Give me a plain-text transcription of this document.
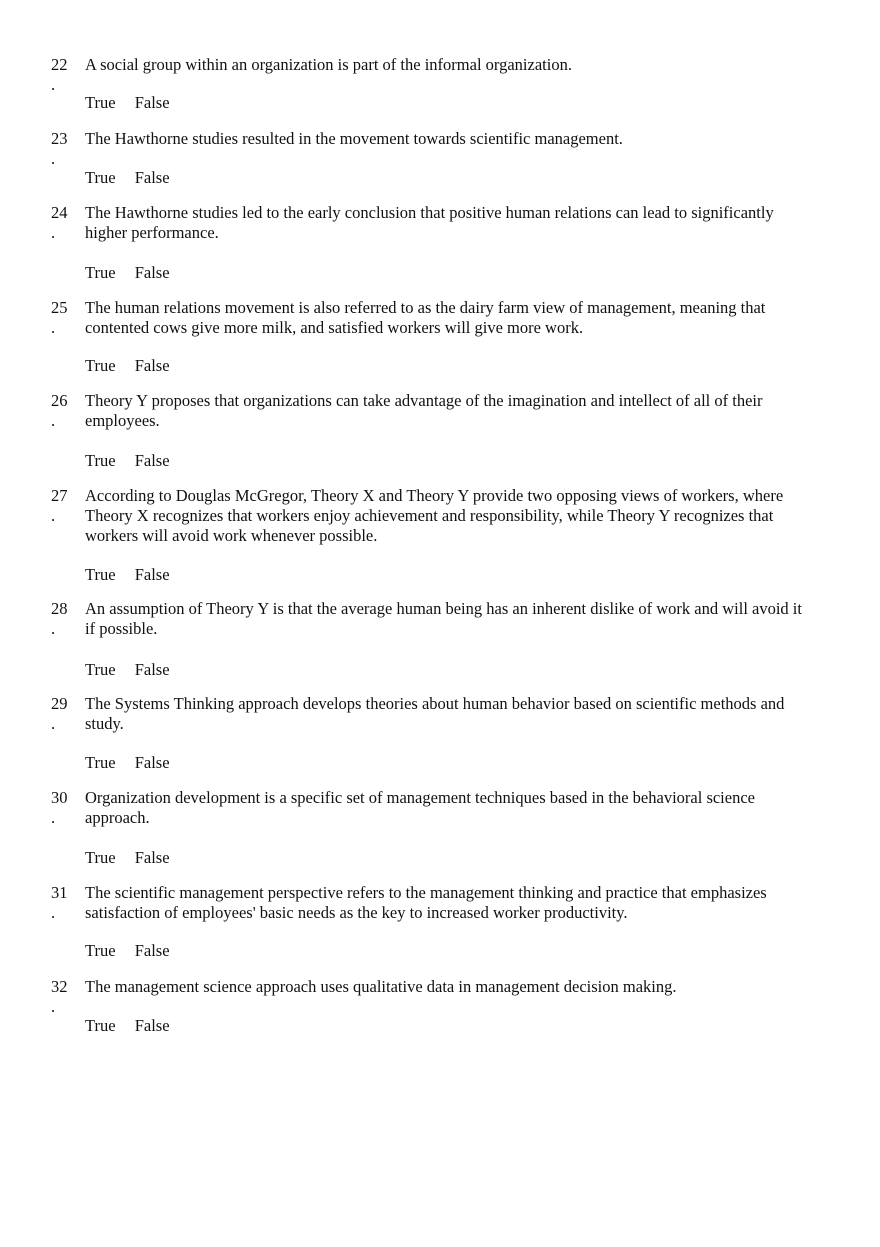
22
.
A social group within an organization is part of the informal organization.
True False
23
.
The Hawthorne studies resulted in the movement towards scientific management.
True False
24
.
The Hawthorne studies led to the early conclusion that positive human relations can lead to significantly higher performance.
True False
25
.
The human relations movement is also referred to as the dairy farm view of management, meaning that contented cows give more milk, and satisfied workers will give more work.
True False
26
.
Theory Y proposes that organizations can take advantage of the imagination and intellect of all of their employees.
True False
27
.
According to Douglas McGregor, Theory X and Theory Y provide two opposing views of workers, where Theory X recognizes that workers enjoy achievement and responsibility, while Theory Y recognizes that workers will avoid work whenever possible.
True False
28
.
An assumption of Theory Y is that the average human being has an inherent dislike of work and will avoid it if possible.
True False
29
.
The Systems Thinking approach develops theories about human behavior based on scientific methods and study.
True False
30
.
Organization development is a specific set of management techniques based in the behavioral science approach.
True False
31
.
The scientific management perspective refers to the management thinking and practice that emphasizes satisfaction of employees' basic needs as the key to increased worker productivity.
True False
32
.
The management science approach uses qualitative data in management decision making.
True False
